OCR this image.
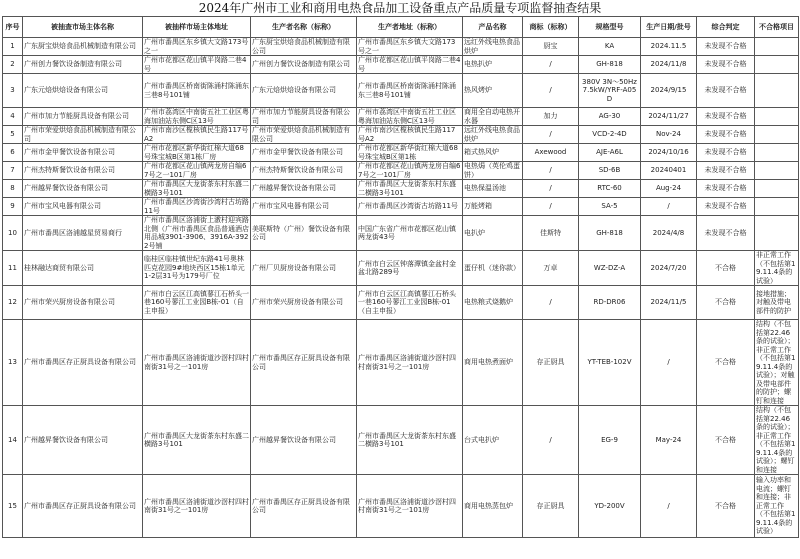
2024年广州市工业和商用电热食品加工设备重点产品质量专项监督抽查结果
序号	被抽查市场主体名称	被抽样市场主体地址	生产者名称（标称）	生产者地址（标称）	产品名称	商标（标称）	规格型号	生产日期/批号	综合判定	不合格项目
1	广东厨宝烘焙食品机械制造有限公司	广州市番禺区东乡镇大文路173号之一	广东厨宝烘焙食品机械制造有限公司	广州市番禺区东乡镇大文路173号之一	远红外线电热食品烘炉	厨宝	KA	2024.11.5	未发现不合格	
2	广州创力餐饮设备制造有限公司	广州市花都区花山镇平岗路二巷4号	广州创力餐饮设备制造有限公司	广州市花都区花山镇平岗路二巷4号	电热扒炉	/	GH-818	2024/11/8	未发现不合格	
3	广东元焙烘焙设备有限公司	广州市番禺区桥南街陈涌村陈涌东三巷8号101铺	广东元焙烘焙设备有限公司	广州市番禺区桥南街陈涌村陈涌东三巷8号101铺	热风烤炉	/	380V 3N～50Hz 7.5kW/YRF-A05D	2024/9/15	未发现不合格	
4	广州市加力节能厨具设备有限公司	广州市荔湾区中南街五社工业区粤海加油站东侧C区13号	广州市加力节能厨具设备有限公司	广州市荔湾区中南街五社工业区粤海加油站东侧C区13号	商用全自动电热开水器	加力	AG-30	2024/11/27	未发现不合格	
5	广州市荣爱烘焙食品机械制造有限公司	广州市南沙区榄核镇民生路117号A2	广州市荣爱烘焙食品机械制造有限公司	广州市南沙区榄核镇民生路117号A2	远红外线电热食品烘炉	/	VCD-2-4D	Nov-24	未发现不合格	
6	广州市金甲餐饮设备有限公司	广州市花都区新华街红棉大道68号珠宝城B区第1栋厂房	广州市金甲餐饮设备有限公司	广州市花都区新华街红棉大道68号珠宝城B区第1栋	箱式热风炉	Axewood	AJE-A6L	2024/10/16	未发现不合格	
7	广州杰特斯餐饮设备有限公司	广州市花都区花山镇两龙房自编67号之一101厂房	广州杰特斯餐饮设备有限公司	广州市花都区花山镇两龙房自编67号之一101厂房	电热焗（英伦鸡蛋饼）	/	SD-6B	20240401	未发现不合格	
8	广州越昇餐饮设备有限公司	广州市番禺区大龙街茶东村东盛二横路3号101	广州越昇餐饮设备有限公司	广州市番禺区大龙街茶东村东盛二横路3号101	电热保温汤池	/	RTC-60	Aug-24	未发现不合格	
9	广州市宝风电器有限公司	广州市番禺区沙湾街沙湾村古坊路11号	广州市宝风电器有限公司	广州市番禺区沙湾街古坊路11号	万能烤箱	/	SA-5	/	未发现不合格	
10	广州市番禺区洛浦越星贸易商行	广州市番禺区洛浦街上漖村迎宾路北侧（广州市番禺区食品普通酒店用品城3901-3906、3916A-3922号铺	美联斯特（广州）餐饮设备有限公司	中国广东省广州市花都区花山镇两龙街43号	电扒炉	佳斯特	GH-818	2024/4/8	未发现不合格	
11	桂林融达商贸有限公司	临桂区临桂镇世纪东路41号奥林匹克花园9#地块西区15栋1单元1-2层31号为179号厂位	广州厂贝厨房设备有限公司	广州市白云区钟落潭镇金盆村金盆北路289号	蛋仔机（迷你款）	万卓	WZ-DZ-A	2024/7/20	不合格	非正常工作（不包括第19.11.4条的试验）
12	广州市荣兴厨房设备有限公司	广州市白云区江高镇蓼江石桥头一巷160号蓼江工业园B栋-01（自主申报）	广州市荣兴厨房设备有限公司	广州市白云区江高镇蓼江石桥头一巷160号蓼江工业园B栋-01（自主申报）	电热粮式烧鹅炉	/	RD-DR06	2024/11/5	不合格	接地措施；对触及带电部件的防护
13	广州市番禺区存正厨具设备有限公司	广州市番禺区洛浦街道沙滘村四村南街31号之一101房	广州市番禺区存正厨具设备有限公司	广州市番禺区洛浦街道沙滘村四村南街31号之一101房	商用电热煮面炉	存正厨具	YT-TEB-102V	/	不合格	结构（不包括第22.46条的试验）；非正常工作（不包括第19.11.4条的试验）；对触及带电部件的防护；螺钉和连接
14	广州越昇餐饮设备有限公司	广州市番禺区大龙街茶东村东盛二横路3号101	广州越昇餐饮设备有限公司	广州市番禺区大龙街茶东村东盛二横路3号101	台式电扒炉	/	EG-9	May-24	不合格	结构（不包括第22.46条的试验）；非正常工作（不包括第19.11.4条的试验）；螺钉和连接
15	广州市番禺区存正厨具设备有限公司	广州市番禺区洛浦街道沙滘村四村南街31号之一101房	广州市番禺区存正厨具设备有限公司	广州市番禺区洛浦街道沙滘村四村南街31号之一101房	商用电热蒸包炉	存正厨具	YD-200V	/	不合格	输入功率和电流；螺钉和连接；非正常工作（不包括第19.11.4条的试验）
